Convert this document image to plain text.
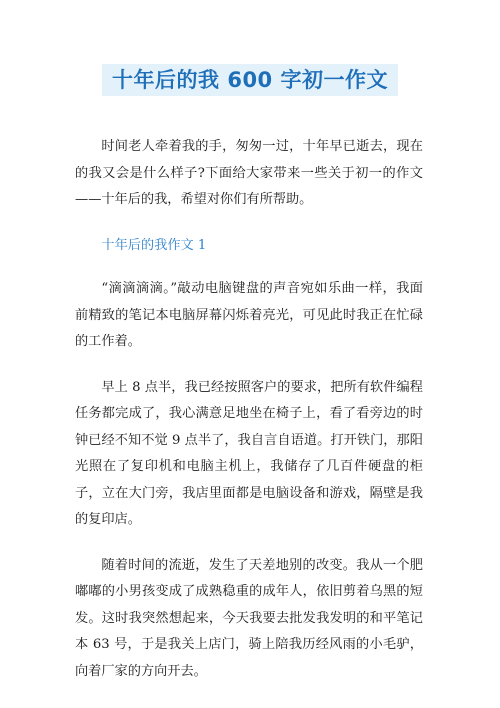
十年后的我 600 字初一作文

时间老人牵着我的手，匆匆一过，十年早已逝去，现在的我又会是什么样子?下面给大家带来一些关于初一的作文——十年后的我，希望对你们有所帮助。

十年后的我作文 1

“滴滴滴滴。”敲动电脑键盘的声音宛如乐曲一样，我面前精致的笔记本电脑屏幕闪烁着亮光，可见此时我正在忙碌的工作着。

早上 8 点半，我已经按照客户的要求，把所有软件编程任务都完成了，我心满意足地坐在椅子上，看了看旁边的时钟已经不知不觉 9 点半了，我自言自语道。打开铁门，那阳光照在了复印机和电脑主机上，我储存了几百件硬盘的柜子，立在大门旁，我店里面都是电脑设备和游戏，隔壁是我的复印店。

随着时间的流逝，发生了天差地别的改变。我从一个肥嘟嘟的小男孩变成了成熟稳重的成年人，依旧剪着乌黑的短发。这时我突然想起来，今天我要去批发我发明的和平笔记本 63 号，于是我关上店门，骑上陪我历经风雨的小毛驴，向着厂家的方向开去。
